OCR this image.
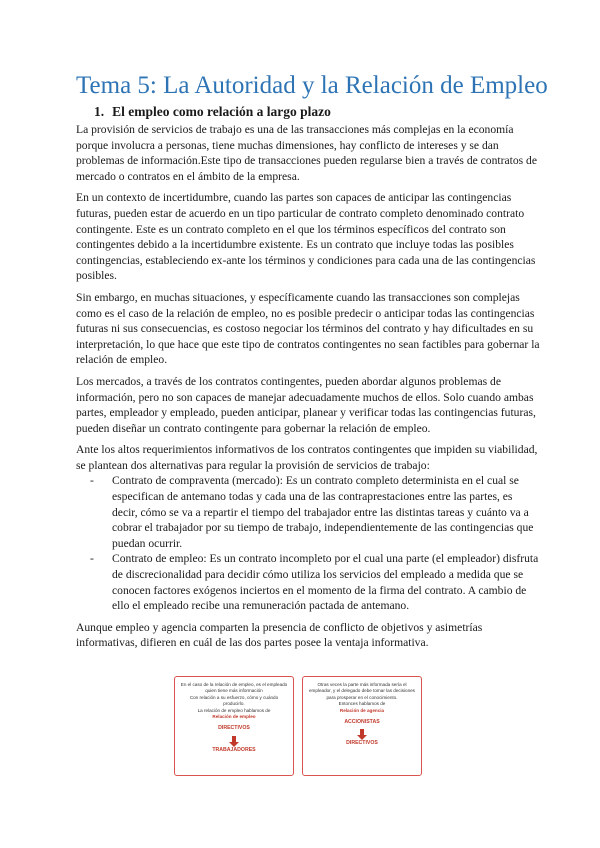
Tema 5: La Autoridad y la Relación de Empleo
1. El empleo como relación a largo plazo

La provisión de servicios de trabajo es una de las transacciones más complejas en la economía porque involucra a personas, tiene muchas dimensiones, hay conflicto de intereses y se dan problemas de información.Este tipo de transacciones pueden regularse bien a través de contratos de mercado o contratos en el ámbito de la empresa.

En un contexto de incertidumbre, cuando las partes son capaces de anticipar las contingencias futuras, pueden estar de acuerdo en un tipo particular de contrato completo denominado contrato contingente. Este es un contrato completo en el que los términos específicos del contrato son contingentes debido a la incertidumbre existente. Es un contrato que incluye todas las posibles contingencias, estableciendo ex-ante los términos y condiciones para cada una de las contingencias posibles.

Sin embargo, en muchas situaciones, y específicamente cuando las transacciones son complejas como es el caso de la relación de empleo, no es posible predecir o anticipar todas las contingencias futuras ni sus consecuencias, es costoso negociar los términos del contrato y hay dificultades en su interpretación, lo que hace que este tipo de contratos contingentes no sean factibles para gobernar la relación de empleo.

Los mercados, a través de los contratos contingentes, pueden abordar algunos problemas de información, pero no son capaces de manejar adecuadamente muchos de ellos. Solo cuando ambas partes, empleador y empleado, pueden anticipar, planear y verificar todas las contingencias futuras, pueden diseñar un contrato contingente para gobernar la relación de empleo.

Ante los altos requerimientos informativos de los contratos contingentes que impiden su viabilidad, se plantean dos alternativas para regular la provisión de servicios de trabajo:

- Contrato de compraventa (mercado): Es un contrato completo determinista en el cual se especifican de antemano todas y cada una de las contraprestaciones entre las partes, es decir, cómo se va a repartir el tiempo del trabajador entre las distintas tareas y cuánto va a cobrar el trabajador por su tiempo de trabajo, independientemente de las contingencias que puedan ocurrir.
- Contrato de empleo: Es un contrato incompleto por el cual una parte (el empleador) disfruta de discrecionalidad para decidir cómo utiliza los servicios del empleado a medida que se conocen factores exógenos inciertos en el momento de la firma del contrato. A cambio de ello el empleado recibe una remuneración pactada de antemano.

Aunque empleo y agencia comparten la presencia de conflicto de objetivos y asimetrías informativas, difieren en cuál de las dos partes posee la ventaja informativa.

En el caso de la relación de empleo, es el empleado quien tiene más información
Con relación a su esfuerzo, cómo y cuándo producirlo.
La relación de empleo hablamos de
Relación de empleo
DIRECTIVOS
TRABAJADORES
Otras veces la parte más informada sería el empleador, y el delegado debe tomar las decisiones para prosperar en el conocimiento.
Entonces hablamos de
Relación de agencia
ACCIONISTAS
DIRECTIVOS
